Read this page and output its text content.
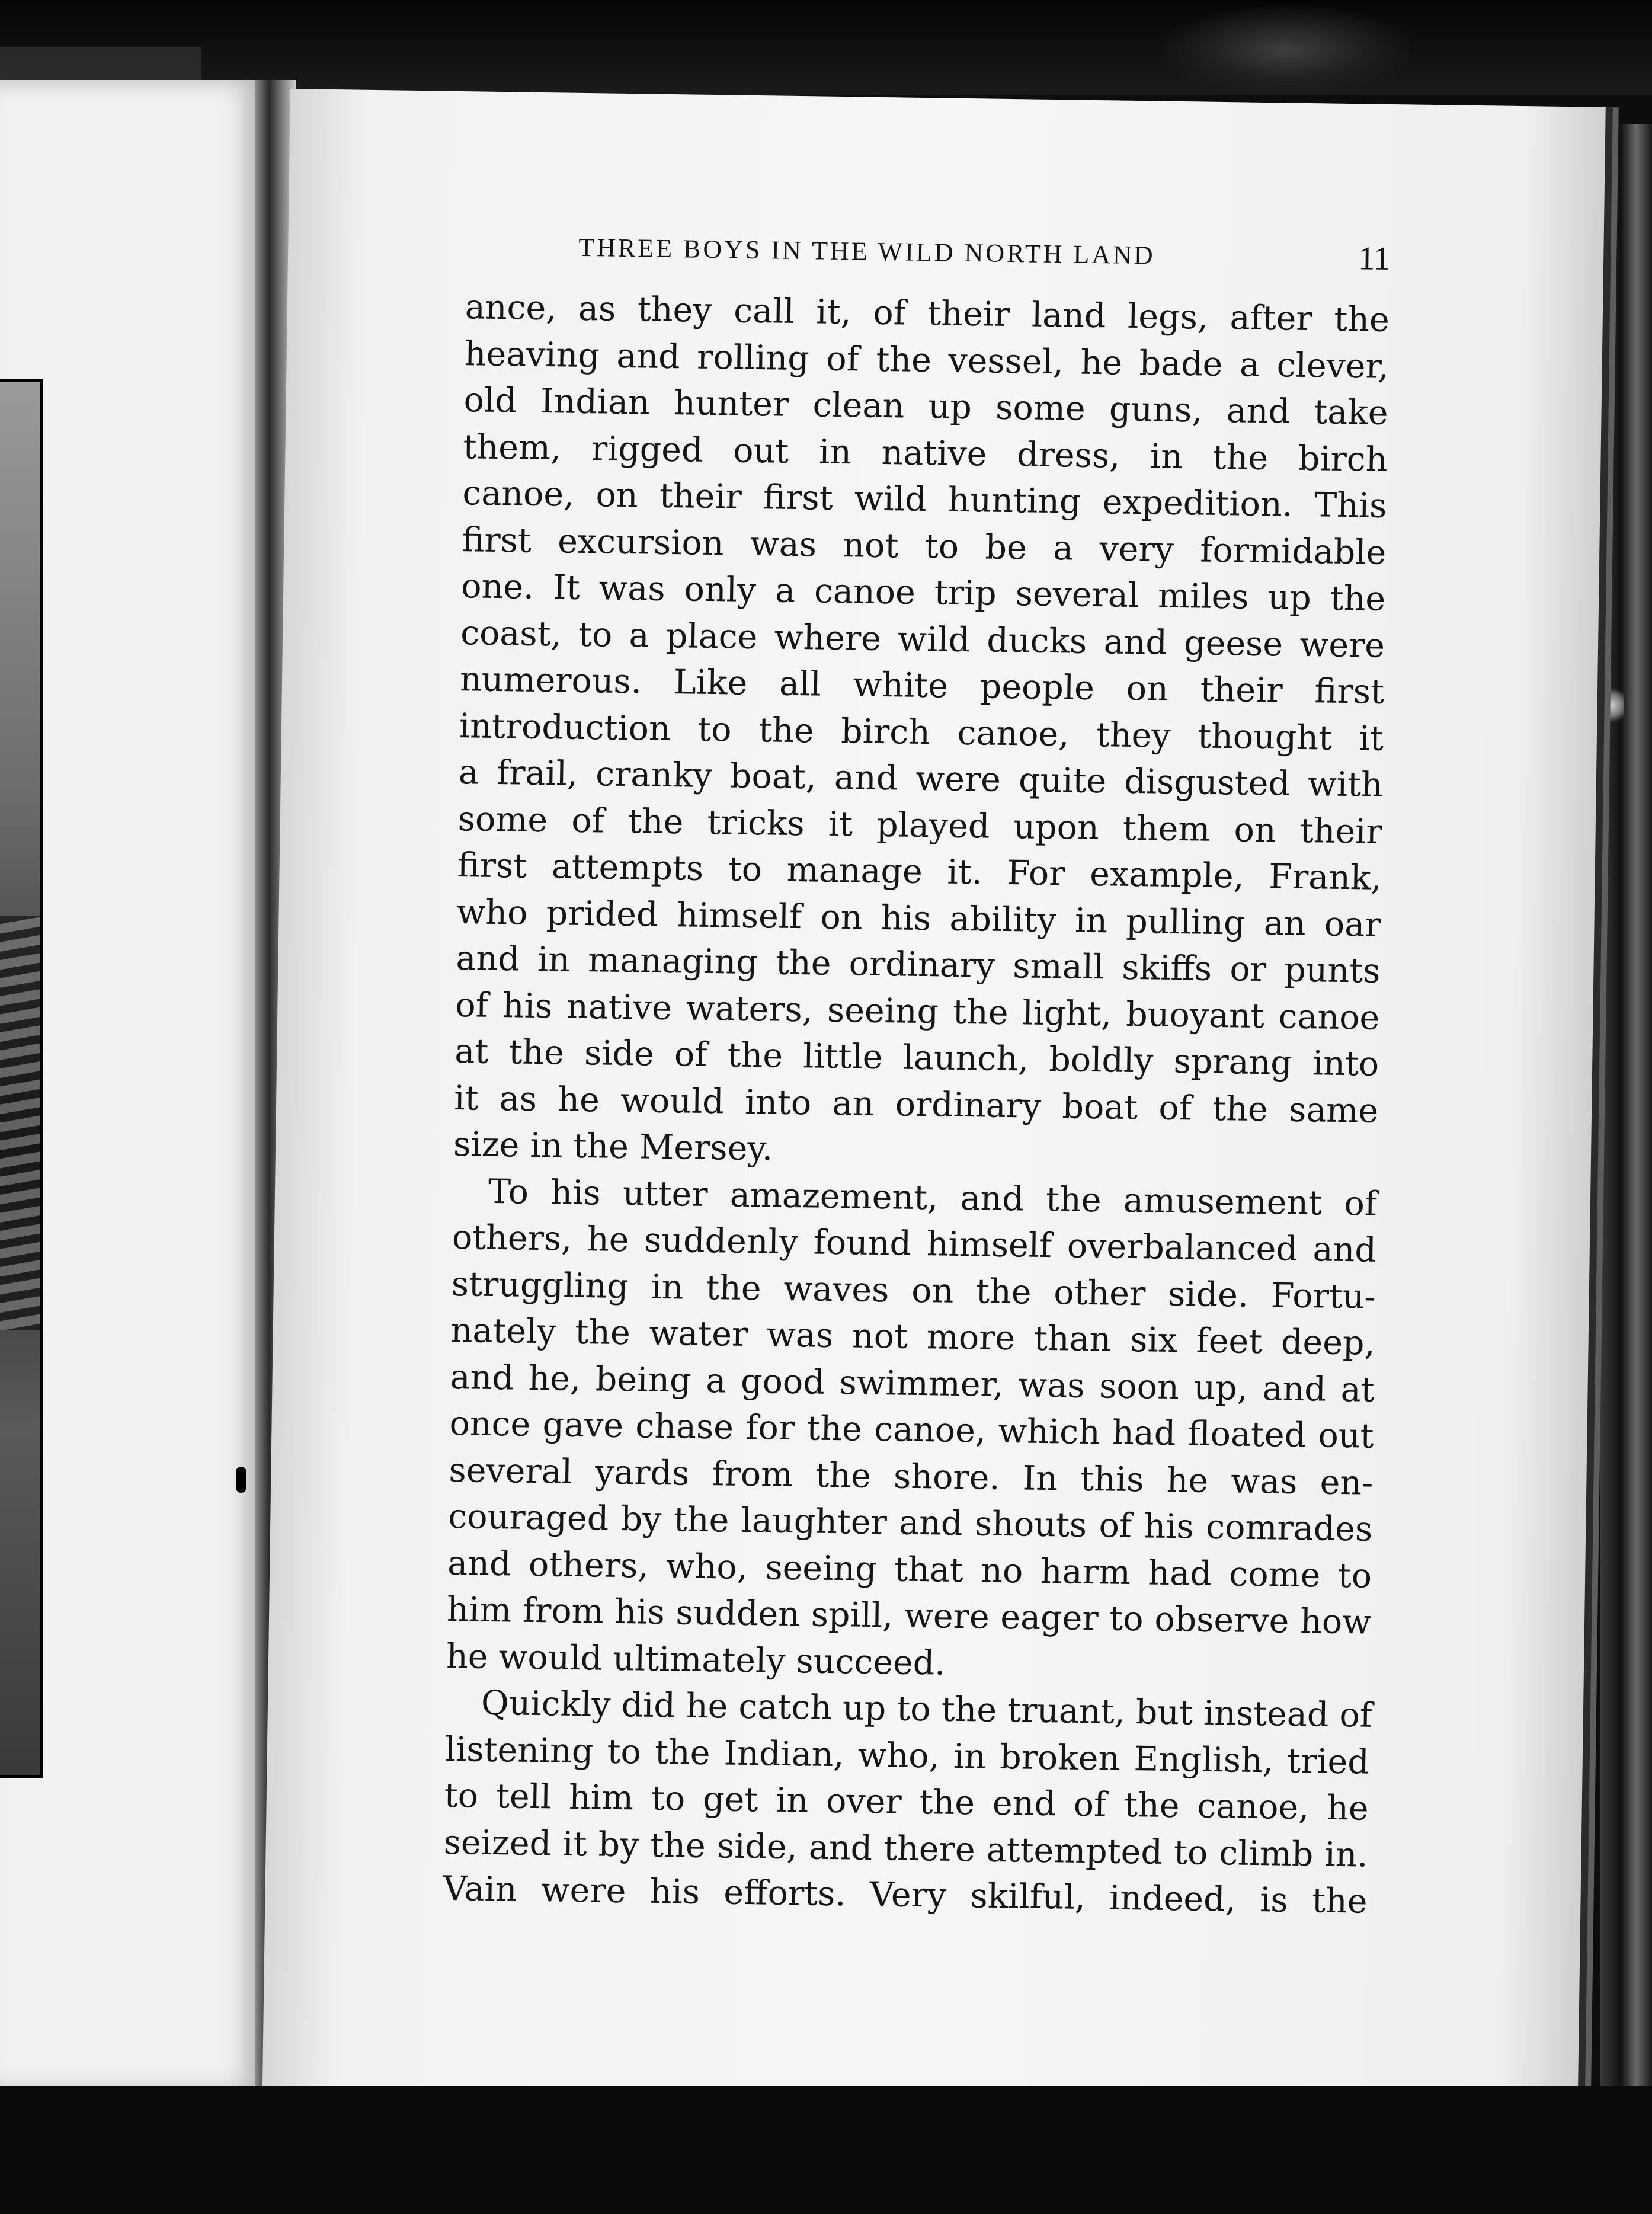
THREE BOYS IN THE WILD NORTH LAND	11
ance, as they call it, of their land legs, after the
heaving and rolling of the vessel, he bade a clever,
old Indian hunter clean up some guns, and take
them, rigged out in native dress, in the birch
canoe, on their first wild hunting expedition. This
first excursion was not to be a very formidable
one. It was only a canoe trip several miles up the
coast, to a place where wild ducks and geese were
numerous. Like all white people on their first
introduction to the birch canoe, they thought it
a frail, cranky boat, and were quite disgusted with
some of the tricks it played upon them on their
first attempts to manage it. For example, Frank,
who prided himself on his ability in pulling an oar
and in managing the ordinary small skiffs or punts
of his native waters, seeing the light, buoyant canoe
at the side of the little launch, boldly sprang into
it as he would into an ordinary boat of the same
size in the Mersey.
To his utter amazement, and the amusement of
others, he suddenly found himself overbalanced and
struggling in the waves on the other side. Fortu-
nately the water was not more than six feet deep,
and he, being a good swimmer, was soon up, and at
once gave chase for the canoe, which had floated out
several yards from the shore. In this he was en-
couraged by the laughter and shouts of his comrades
and others, who, seeing that no harm had come to
him from his sudden spill, were eager to observe how
he would ultimately succeed.
Quickly did he catch up to the truant, but instead of
listening to the Indian, who, in broken English, tried
to tell him to get in over the end of the canoe, he
seized it by the side, and there attempted to climb in.
Vain were his efforts. Very skilful, indeed, is the
